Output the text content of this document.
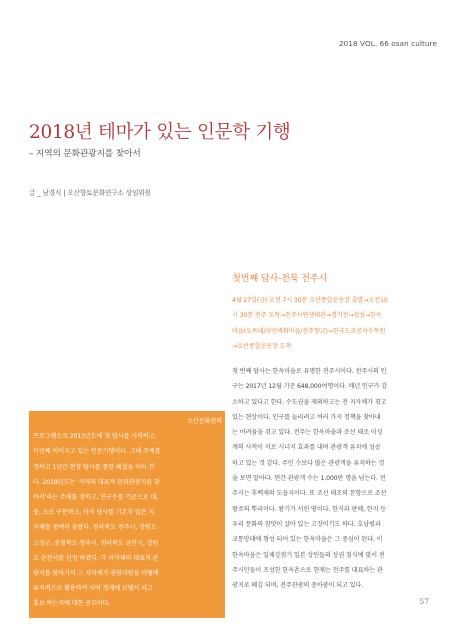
2018 VOL. 66 osan culture
2018년 테마가 있는 인문학 기행
– 지역의 문화관광지를 찾아서
글 _ 남경식 | 오산향토문화연구소 상임위원

오산문화원의

프로그램으로 2013년도에 첫 답사를 시작하고,
이년째 이어지고 있는 인문기행이다. 그해 주제를
정하고 1년간 현장 답사를 통한 해설을 이어 간
다. 2018년도는 '지역의 대표적 문화관광지를 찾
아서'라는 주제를 정하고, 인구수를 기준으로 대,
중, 소로 구분하고, 아직 답사를 기본자 않은 지
자체를 중에서 골랐다. 전라북도 전주시, 강원도
고성군, 충청북도 청주시, 전라북도 군산시, 강원
도 춘천시를 선정 하였다. 각 지자체의 대표적 관
광지를 찾아가서 그 지자체가 관광자원을 어떻게
유지적으로 활용하여 지역 경제에 보탬이 되고
홍보 하는지에 대한 공부이다.
첫번째 답사-전북 전주시
4월 27일(금) 오전 7시 30분 오산종합운동장 출발→오전10
시 30분 전주 도착→전주사연생태관→경기전→점심→한옥
마을(오목대/자만벽화마을/전주향교)→한국도로공사수목원
→오산종합운동장 도착
첫 번째 답사는 한옥마을로 유명한 전주시이다. 전주시의 인
구는 2017년 12월 기준 648,000여명이다. 매년 인구가 감
소하고 있다고 한다. 수도권을 제외하고는 전 지자체가 겪고
있는 현상이다. 인구를 늘리려고 여러 가지 정책을 찾아내
는 어려움을 겪고 있다. 전주는 한옥마을과 조선 태조 이성
계의 사적이 서로 시너지 효과를 내며 관광객 유치에 성공
하고 있는 것 같다. 주민 수보다 많은 관광객을 유치하는 것
을 보면 알아다. 연간 관광객 수는 1,000만 명을 넘는다. 전
주시는 후백제의 도읍지이다. 또 조선 태조의 본향으로 조선
왕조의 뿌리이다. 왕기가 서린 땅이다. 한식과 판매, 한지 등
우리 문화의 참맛이 살아 있는 고장이기도 하다. 호남평과
교통망대에 형성 되어 있는 한옥마을은 그 중심이 된다. 이
한옥마을은 일제강점기 일본 상인들의 상권 침식에 맞서 전
주시민들이 조성한 한옥촌으로 현재는 전주를 대표하는 관
광지로 떼김 되며, 전주관광의 중아줌이 되고 있다.
57
